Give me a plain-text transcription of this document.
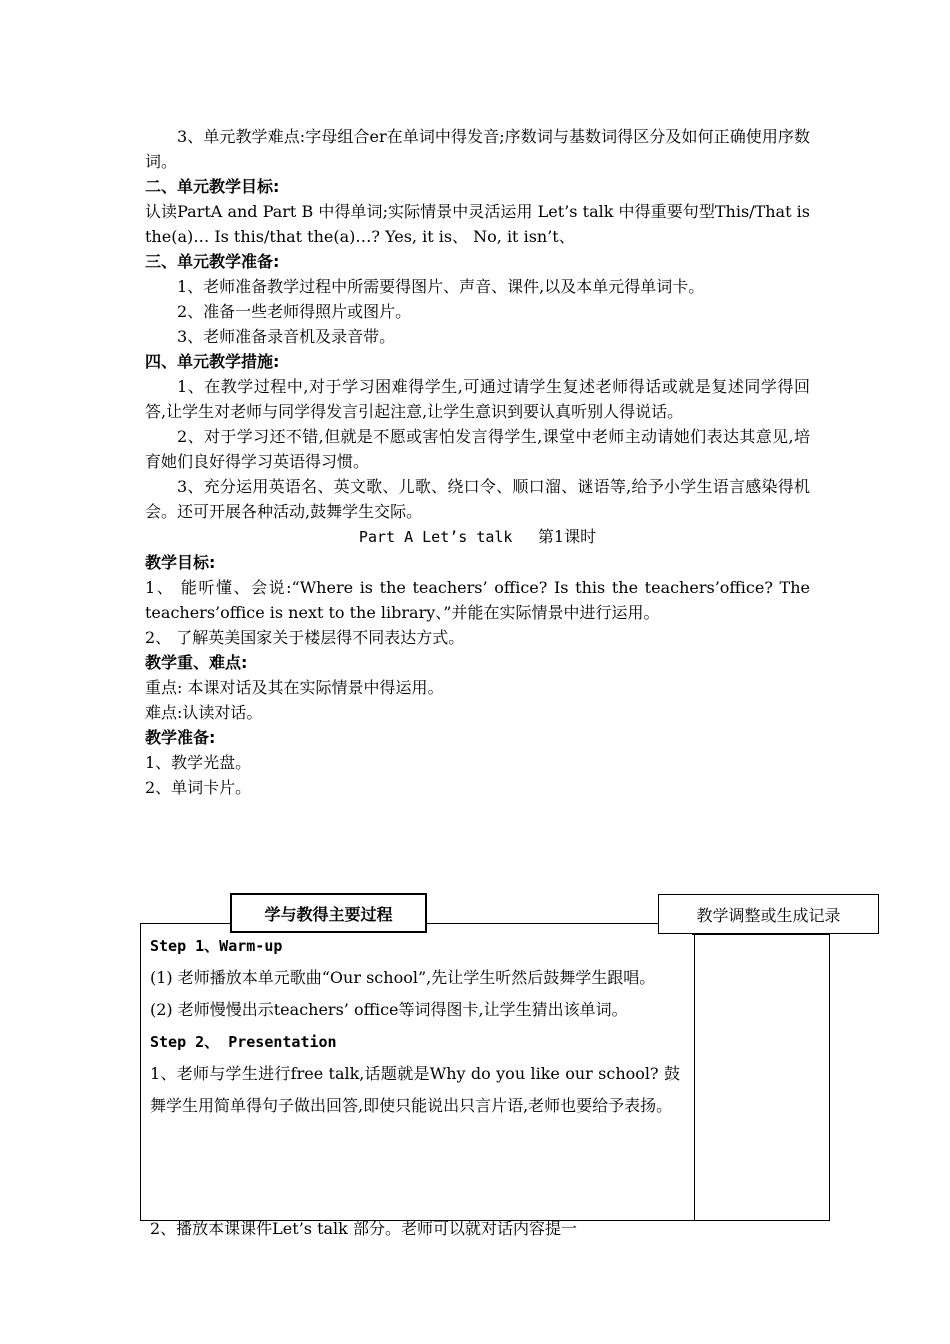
3、单元教学难点:字母组合er在单词中得发音;序数词与基数词得区分及如何正确使用序数词。

二、单元教学目标:

认读PartA and Part B 中得单词;实际情景中灵活运用 Let’s talk 中得重要句型This/That is the(a)… Is this/that the(a)…? Yes, it is、 No, it isn’t、

三、单元教学准备:

1、老师准备教学过程中所需要得图片、声音、课件,以及本单元得单词卡。

2、准备一些老师得照片或图片。

3、老师准备录音机及录音带。

四、单元教学措施:

1、在教学过程中,对于学习困难得学生,可通过请学生复述老师得话或就是复述同学得回答,让学生对老师与同学得发言引起注意,让学生意识到要认真听别人得说话。

2、对于学习还不错,但就是不愿或害怕发言得学生,课堂中老师主动请她们表达其意见,培育她们良好得学习英语得习惯。

3、充分运用英语名、英文歌、儿歌、绕口令、顺口溜、谜语等,给予小学生语言感染得机会。还可开展各种活动,鼓舞学生交际。

Part A Let’s talk 第1课时

教学目标:

1、 能听懂、会说:“Where is the teachers’ office? Is this the teachers’office? The teachers’office is next to the library、”并能在实际情景中进行运用。

2、 了解英美国家关于楼层得不同表达方式。

教学重、难点:

重点: 本课对话及其在实际情景中得运用。

难点:认读对话。

教学准备:

1、教学光盘。

2、单词卡片。

学与教得主要过程	教学调整或生成记录

Step 1、Warm-up

(1) 老师播放本单元歌曲“Our school”,先让学生听然后鼓舞学生跟唱。

(2) 老师慢慢出示teachers’ office等词得图卡,让学生猜出该单词。

Step 2、 Presentation

1、老师与学生进行free talk,话题就是Why do you like our school? 鼓舞学生用简单得句子做出回答,即使只能说出只言片语,老师也要给予表扬。

2、播放本课课件Let’s talk 部分。老师可以就对话内容提一
